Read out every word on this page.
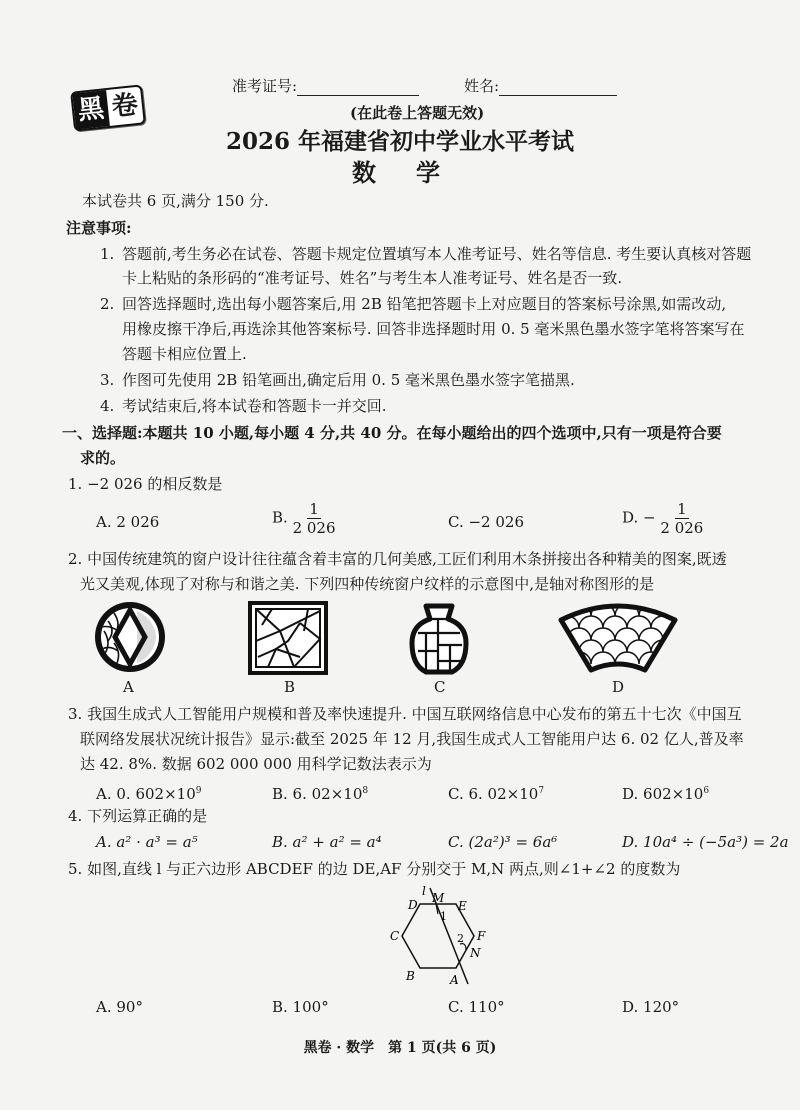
黑 卷
准考证号:	姓名:
(在此卷上答题无效)
2026 年福建省初中学业水平考试
数　学
本试卷共 6 页,满分 150 分.
注意事项:
1. 答题前,考生务必在试卷、答题卡规定位置填写本人准考证号、姓名等信息. 考生要认真核对答题
卡上粘贴的条形码的“准考证号、姓名”与考生本人准考证号、姓名是否一致.
2. 回答选择题时,选出每小题答案后,用 2B 铅笔把答题卡上对应题目的答案标号涂黑,如需改动,
用橡皮擦干净后,再选涂其他答案标号. 回答非选择题时用 0. 5 毫米黑色墨水签字笔将答案写在
答题卡相应位置上.
3. 作图可先使用 2B 铅笔画出,确定后用 0. 5 毫米黑色墨水签字笔描黑.
4. 考试结束后,将本试卷和答题卡一并交回.
一、选择题:本题共 10 小题,每小题 4 分,共 40 分。在每小题给出的四个选项中,只有一项是符合要
求的。
1. −2 026 的相反数是
A. 2 026	B. $\frac{1}{2 026}$	C. −2 026	D. − $\frac{1}{2 026}$
2. 中国传统建筑的窗户设计往往蕴含着丰富的几何美感,工匠们利用木条拼接出各种精美的图案,既透
光又美观,体现了对称与和谐之美. 下列四种传统窗户纹样的示意图中,是轴对称图形的是
A	B	C	D
3. 我国生成式人工智能用户规模和普及率快速提升. 中国互联网络信息中心发布的第五十七次《中国互
联网络发展状况统计报告》显示:截至 2025 年 12 月,我国生成式人工智能用户达 6. 02 亿人,普及率
达 42. 8%. 数据 602 000 000 用科学记数法表示为
A. 0. $602\times 10^9$	B. 6. $02\times 10^8$	C. 6. $02\times 10^7$	D. $602\times 10^6$
4. 下列运算正确的是
A. a² · a³ = a⁵	B. a² + a² = a⁴	C. (2a²)³ = 6a⁶	D. 10a⁴ ÷ (−5a³) = 2a
5. 如图,直线 l 与正六边形 ABCDEF 的边 DE,AF 分别交于 M,N 两点,则∠1+∠2 的度数为
l
D M
E
1
C	2 F
N
B	A
A. 90°	B. 100°	C. 110°	D. 120°
黑卷 · 数学　第 1 页(共 6 页)
